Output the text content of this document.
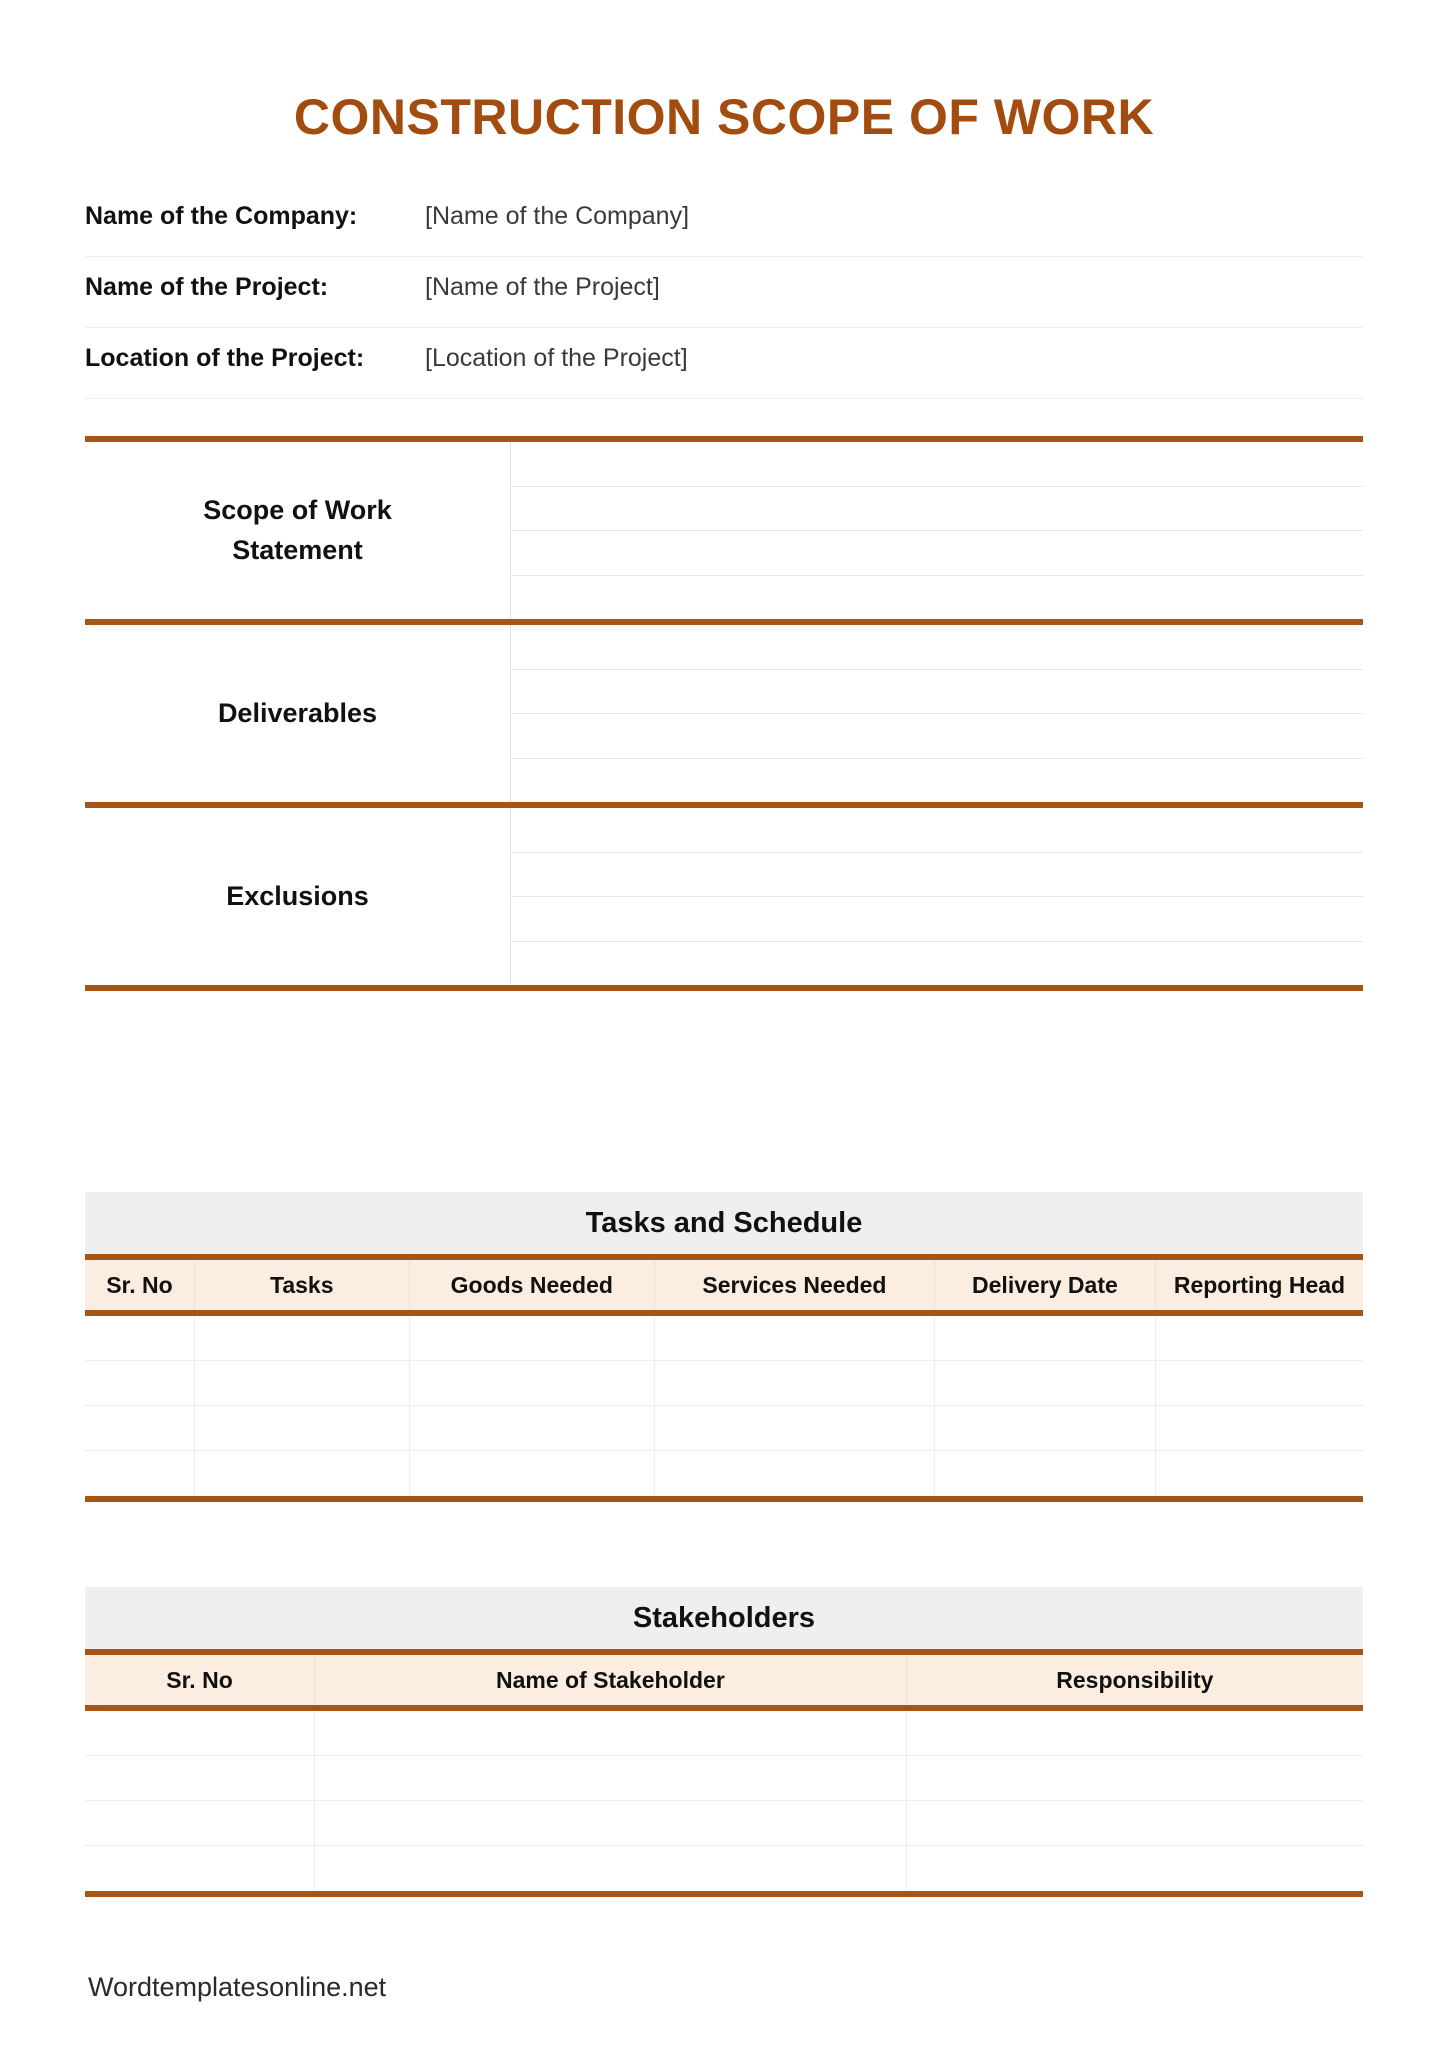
CONSTRUCTION SCOPE OF WORK
Name of the Company:	[Name of the Company]
Name of the Project:	[Name of the Project]
Location of the Project:	[Location of the Project]
Scope of Work
Statement
Deliverables
Exclusions
Tasks and Schedule
Sr. No	Tasks	Goods Needed	Services Needed	Delivery Date	Reporting Head
Stakeholders
Sr. No	Name of Stakeholder	Responsibility
Wordtemplatesonline.net
